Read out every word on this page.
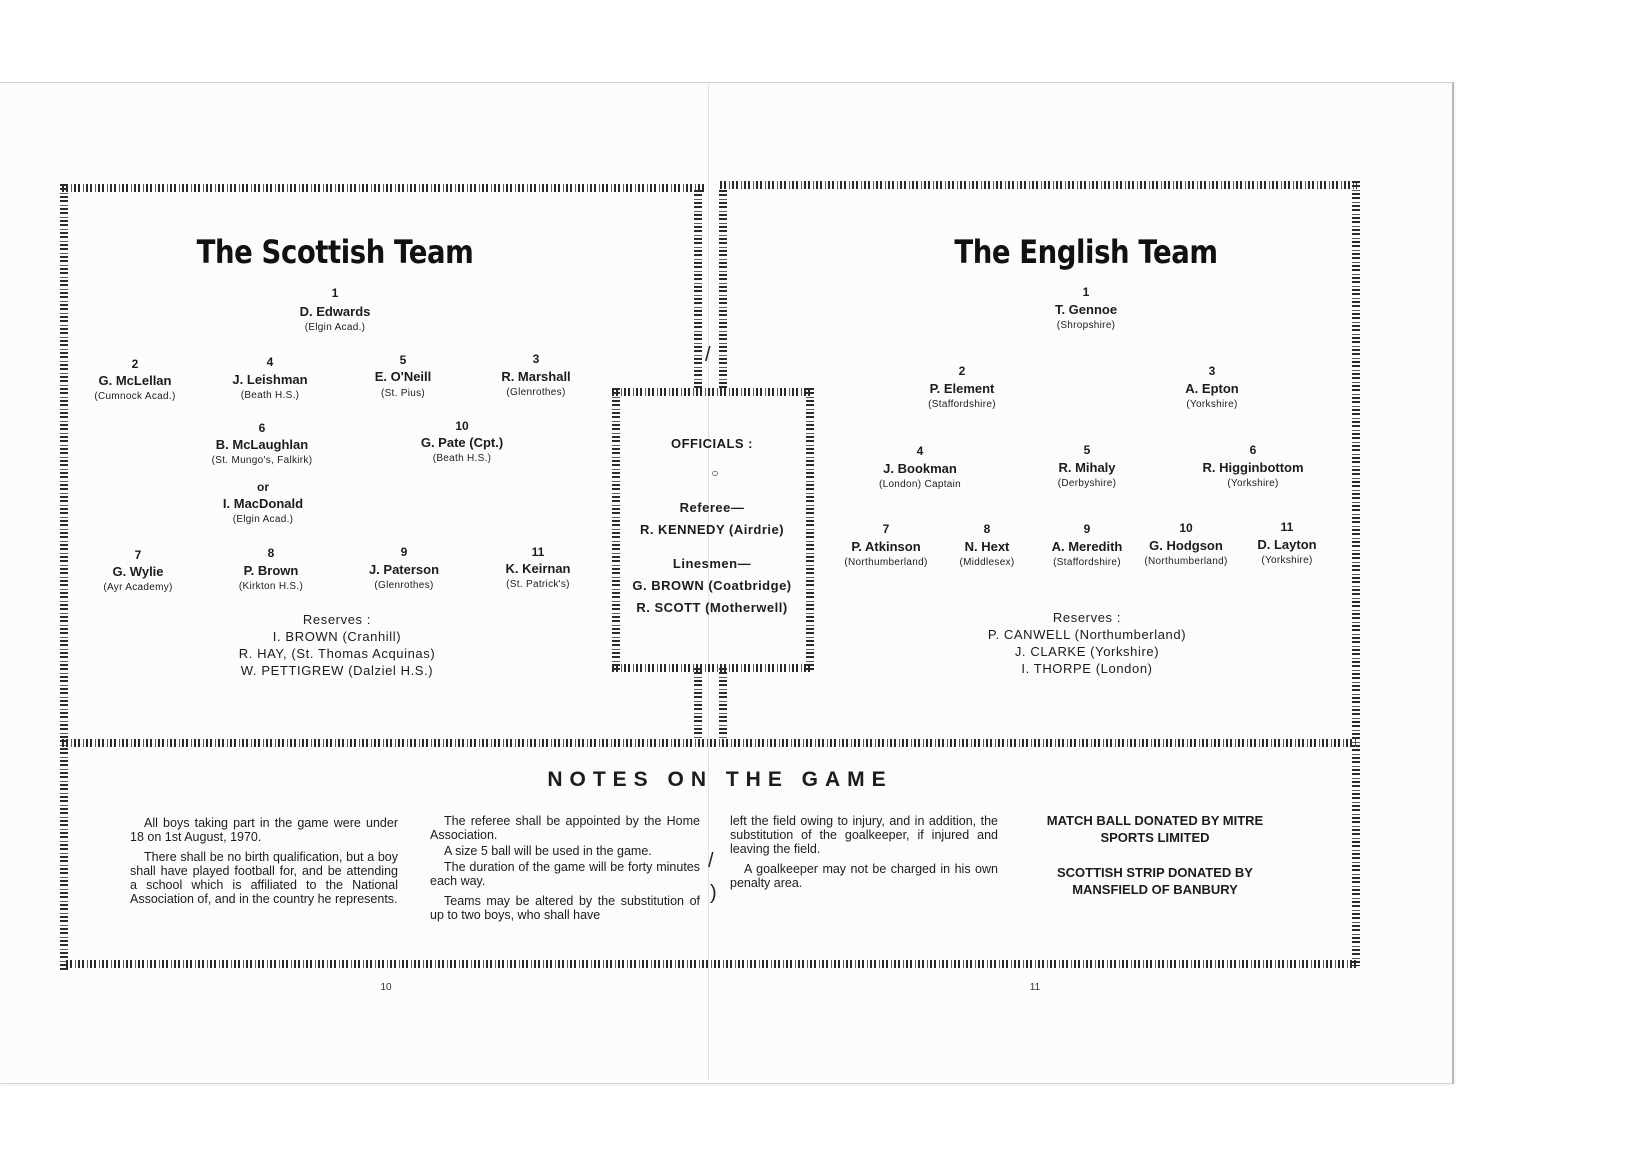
The Scottish Team
1
D. Edwards
(Elgin Acad.)
2
G. McLellan
(Cumnock Acad.)
4
J. Leishman
(Beath H.S.)
5
E. O'Neill
(St. Pius)
3
R. Marshall
(Glenrothes)
6
B. McLaughlan
(St. Mungo's, Falkirk)
10
G. Pate (Cpt.)
(Beath H.S.)
or
I. MacDonald
(Elgin Acad.)
7
G. Wylie
(Ayr Academy)
8
P. Brown
(Kirkton H.S.)
9
J. Paterson
(Glenrothes)
11
K. Keirnan
(St. Patrick's)
Reserves :
I. BROWN (Cranhill)
R. HAY, (St. Thomas Acquinas)
W. PETTIGREW (Dalziel H.S.)
OFFICIALS :
○
Referee—
R. KENNEDY (Airdrie)
Linesmen—
G. BROWN (Coatbridge)
R. SCOTT (Motherwell)
The English Team
1
T. Gennoe
(Shropshire)
2
P. Element
(Staffordshire)
3
A. Epton
(Yorkshire)
4
J. Bookman
(London) Captain
5
R. Mihaly
(Derbyshire)
6
R. Higginbottom
(Yorkshire)
7
P. Atkinson
(Northumberland)
8
N. Hext
(Middlesex)
9
A. Meredith
(Staffordshire)
10
G. Hodgson
(Northumberland)
11
D. Layton
(Yorkshire)
Reserves :
P. CANWELL (Northumberland)
J. CLARKE (Yorkshire)
I. THORPE (London)
NOTES ON THE GAME

All boys taking part in the game were under 18 on 1st August, 1970.

There shall be no birth qualification, but a boy shall have played football for, and be attending a school which is affiliated to the National Association of, and in the country he represents.

The referee shall be appointed by the Home Association.

A size 5 ball will be used in the game.

The duration of the game will be forty minutes each way.

Teams may be altered by the substitution of up to two boys, who shall have

left the field owing to injury, and in addition, the substitution of the goalkeeper, if injured and leaving the field.

A goalkeeper may not be charged in his own penalty area.

MATCH BALL DONATED BY MITRE SPORTS LIMITED
SCOTTISH STRIP DONATED BY MANSFIELD OF BANBURY
/
/
)
10	11
